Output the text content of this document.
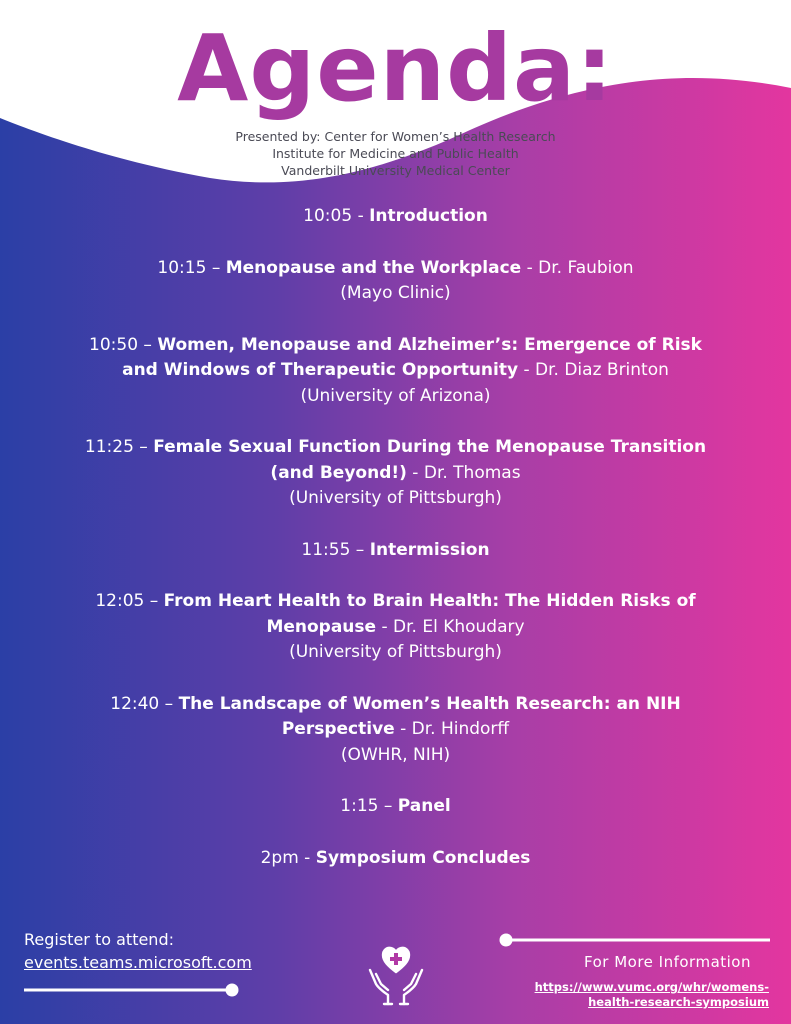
Agenda:
Presented by: Center for Women’s Health Research
Institute for Medicine and Public Health
Vanderbilt University Medical Center
10:05 - Introduction
10:15 – Menopause and the Workplace - Dr. Faubion
(Mayo Clinic)
10:50 – Women, Menopause and Alzheimer’s: Emergence of Risk and Windows of Therapeutic Opportunity - Dr. Diaz Brinton
(University of Arizona)
11:25 – Female Sexual Function During the Menopause Transition (and Beyond!) - Dr. Thomas
(University of Pittsburgh)
11:55 – Intermission
12:05 – From Heart Health to Brain Health: The Hidden Risks of Menopause - Dr. El Khoudary
(University of Pittsburgh)
12:40 – The Landscape of Women’s Health Research: an NIH Perspective - Dr. Hindorff
(OWHR, NIH)
1:15 – Panel
2pm - Symposium Concludes
Register to attend:
events.teams.microsoft.com	For More Information
https://www.vumc.org/whr/womens-
health-research-symposium
